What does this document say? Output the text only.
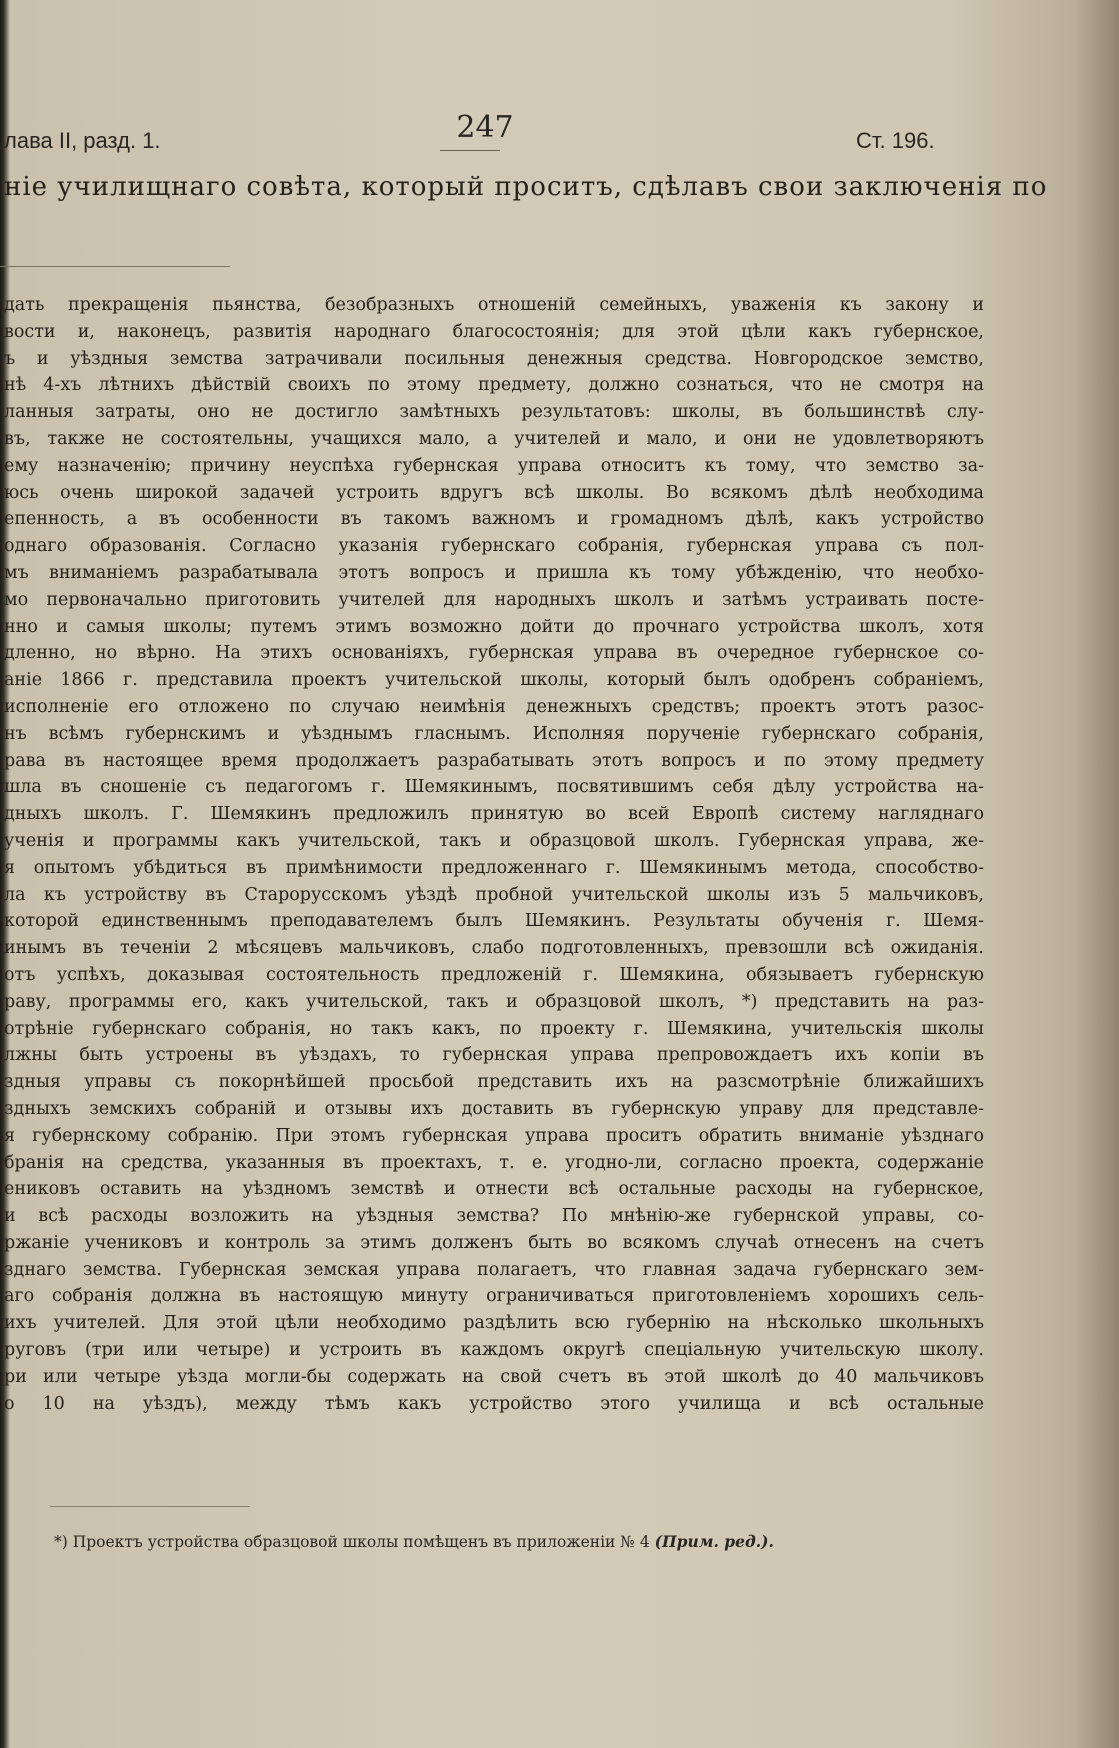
лава II, разд. 1.	247	Ст. 196.
ніе училищнаго совѣта, который проситъ, сдѣлавъ свои заключенія по
дать прекращенія пьянства, безобразныхъ отношеній семейныхъ, уваженія къ закону и
вости и, наконецъ, развитія народнаго благосостоянія; для этой цѣли какъ губернское,
ъ и уѣздныя земства затрачивали посильныя денежныя средства. Новгородское земство,
нѣ 4-хъ лѣтнихъ дѣйствій своихъ по этому предмету, должно сознаться, что не смотря на
ланныя затраты, оно не достигло замѣтныхъ результатовъ: школы, въ большинствѣ слу-
въ, также не состоятельны, учащихся мало, а учителей и мало, и они не удовлетворяютъ
ему назначенію; причину неуспѣха губернская управа относитъ къ тому, что земство за-
юсь очень широкой задачей устроить вдругъ всѣ школы. Во всякомъ дѣлѣ необходима
епенность, а въ особенности въ такомъ важномъ и громадномъ дѣлѣ, какъ устройство
однаго образованія. Согласно указанія губернскаго собранія, губернская управа съ пол-
мъ вниманіемъ разрабатывала этотъ вопросъ и пришла къ тому убѣжденію, что необхо-
мо первоначально приготовить учителей для народныхъ школъ и затѣмъ устраивать посте-
нно и самыя школы; путемъ этимъ возможно дойти до прочнаго устройства школъ, хотя
дленно, но вѣрно. На этихъ основаніяхъ, губернская управа въ очередное губернское со-
аніе 1866 г. представила проектъ учительской школы, который былъ одобренъ собраніемъ,
исполненіе его отложено по случаю неимѣнія денежныхъ средствъ; проектъ этотъ разос-
нъ всѣмъ губернскимъ и уѣзднымъ гласнымъ. Исполняя порученіе губернскаго собранія,
рава въ настоящее время продолжаетъ разрабатывать этотъ вопросъ и по этому предмету
шла въ сношеніе съ педагогомъ г. Шемякинымъ, посвятившимъ себя дѣлу устройства на-
дныхъ школъ. Г. Шемякинъ предложилъ принятую во всей Европѣ систему нагляднаго
ученія и программы какъ учительской, такъ и образцовой школъ. Губернская управа, же-
я опытомъ убѣдиться въ примѣнимости предложеннаго г. Шемякинымъ метода, способство-
ла къ устройству въ Старорусскомъ уѣздѣ пробной учительской школы изъ 5 мальчиковъ,
которой единственнымъ преподавателемъ былъ Шемякинъ. Результаты обученія г. Шемя-
инымъ въ теченіи 2 мѣсяцевъ мальчиковъ, слабо подготовленныхъ, превзошли всѣ ожиданія.
отъ успѣхъ, доказывая состоятельность предложеній г. Шемякина, обязываетъ губернскую
раву, программы его, какъ учительской, такъ и образцовой школъ, *) представить на раз-
отрѣніе губернскаго собранія, но такъ какъ, по проекту г. Шемякина, учительскія школы
лжны быть устроены въ уѣздахъ, то губернская управа препровождаетъ ихъ копіи въ
здныя управы съ покорнѣйшей просьбой представить ихъ на разсмотрѣніе ближайшихъ
здныхъ земскихъ собраній и отзывы ихъ доставить въ губернскую управу для представле-
я губернскому собранію. При этомъ губернская управа проситъ обратить вниманіе уѣзднаго
бранія на средства, указанныя въ проектахъ, т. е. угодно-ли, согласно проекта, содержаніе
ениковъ оставить на уѣздномъ земствѣ и отнести всѣ остальные расходы на губернское,
и всѣ расходы возложить на уѣздныя земства? По мнѣнію-же губернской управы, со-
ржаніе учениковъ и контроль за этимъ долженъ быть во всякомъ случаѣ отнесенъ на счетъ
зднаго земства. Губернская земская управа полагаетъ, что главная задача губернскаго зем-
аго собранія должна въ настоящую минуту ограничиваться приготовленіемъ хорошихъ сель-
ихъ учителей. Для этой цѣли необходимо раздѣлить всю губернію на нѣсколько школьныхъ
руговъ (три или четыре) и устроить въ каждомъ округѣ спеціальную учительскую школу.
ри или четыре уѣзда могли-бы содержать на свой счетъ въ этой школѣ до 40 мальчиковъ
о 10 на уѣздъ), между тѣмъ какъ устройство этого училища и всѣ остальные
*) Проектъ устройства образцовой школы помѣщенъ въ приложеніи № 4 (Прим. ред.).
